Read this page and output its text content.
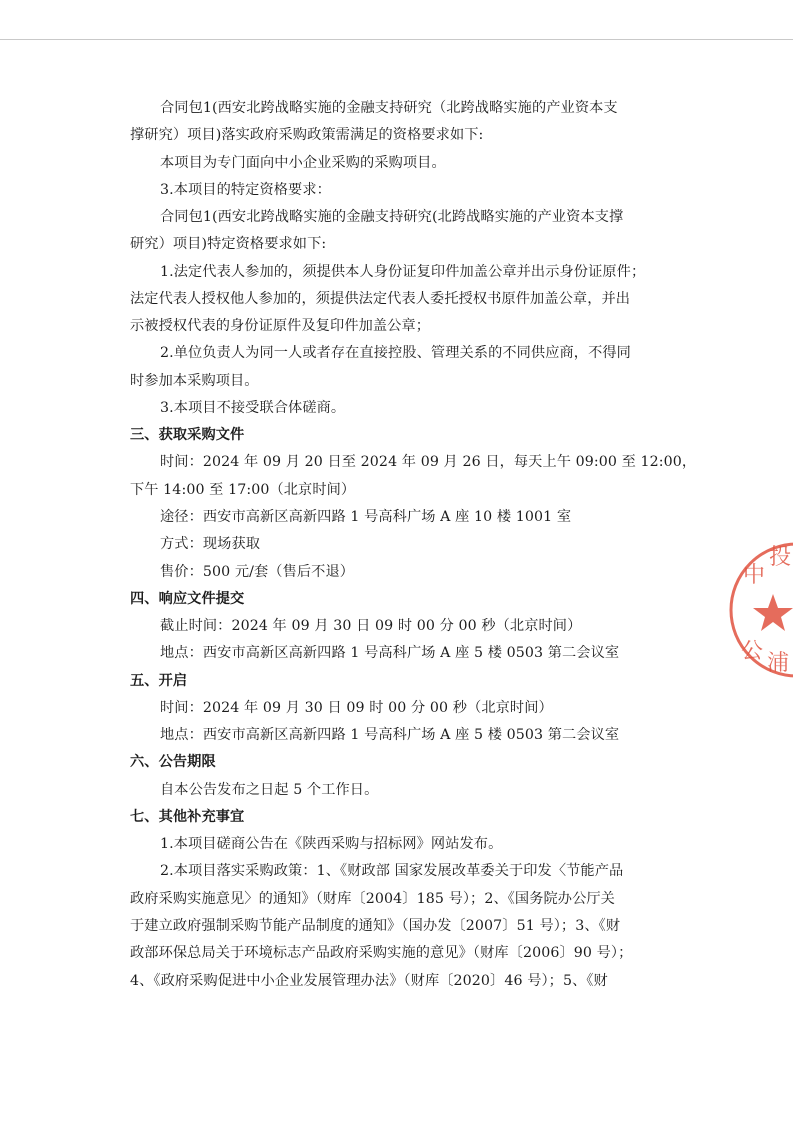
合同包1(西安北跨战略实施的金融支持研究（北跨战略实施的产业资本支

撑研究）项目)落实政府采购政策需满足的资格要求如下:

本项目为专门面向中小企业采购的采购项目。

3.本项目的特定资格要求：

合同包1(西安北跨战略实施的金融支持研究(北跨战略实施的产业资本支撑

研究）项目)特定资格要求如下:

1.法定代表人参加的，须提供本人身份证复印件加盖公章并出示身份证原件；

法定代表人授权他人参加的，须提供法定代表人委托授权书原件加盖公章，并出

示被授权代表的身份证原件及复印件加盖公章；

2.单位负责人为同一人或者存在直接控股、管理关系的不同供应商，不得同

时参加本采购项目。

3.本项目不接受联合体磋商。

三、获取采购文件

时间：2024 年 09 月 20 日至 2024 年 09 月 26 日，每天上午 09:00 至 12:00，

下午 14:00 至 17:00（北京时间）

途径：西安市高新区高新四路 1 号高科广场 A 座 10 楼 1001 室

方式：现场获取

售价：500 元/套（售后不退）

四、响应文件提交

截止时间：2024 年 09 月 30 日 09 时 00 分 00 秒（北京时间）

地点：西安市高新区高新四路 1 号高科广场 A 座 5 楼 0503 第二会议室

五、开启

时间：2024 年 09 月 30 日 09 时 00 分 00 秒（北京时间）

地点：西安市高新区高新四路 1 号高科广场 A 座 5 楼 0503 第二会议室

六、公告期限

自本公告发布之日起 5 个工作日。

七、其他补充事宜

1.本项目磋商公告在《陕西采购与招标网》网站发布。

2.本项目落实采购政策：1、《财政部 国家发展改革委关于印发〈节能产品

政府采购实施意见〉的通知》（财库〔2004〕185 号）；2、《国务院办公厅关

于建立政府强制采购节能产品制度的通知》（国办发〔2007〕51 号）；3、《财

政部环保总局关于环境标志产品政府采购实施的意见》（财库〔2006〕90 号）；

4、《政府采购促进中小企业发展管理办法》（财库〔2020〕46 号）；5、《财

中
投
公 浦
